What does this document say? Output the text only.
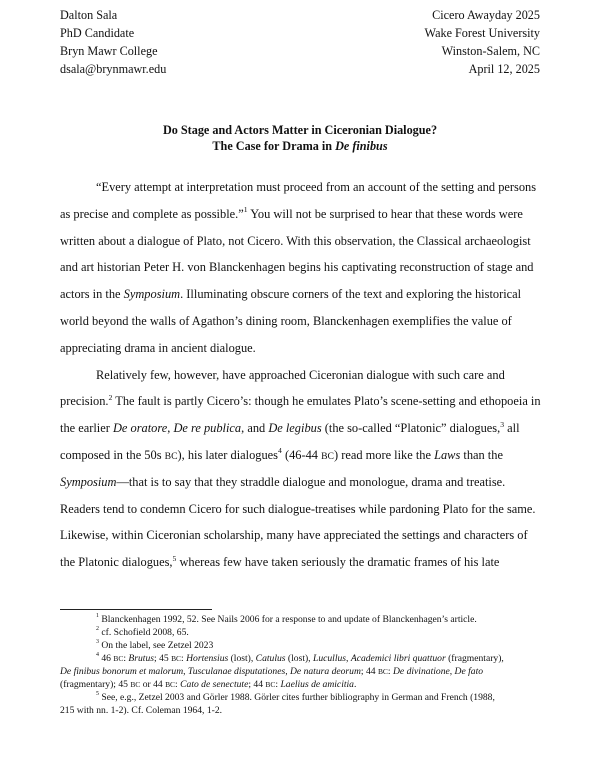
Dalton Sala
PhD Candidate
Bryn Mawr College
dsala@brynmawr.edu
Cicero Awayday 2025
Wake Forest University
Winston-Salem, NC
April 12, 2025
Do Stage and Actors Matter in Ciceronian Dialogue?
The Case for Drama in De finibus
“Every attempt at interpretation must proceed from an account of the setting and persons
as precise and complete as possible.”$^1$ You will not be surprised to hear that these words were
written about a dialogue of Plato, not Cicero. With this observation, the Classical archaeologist
and art historian Peter H. von Blanckenhagen begins his captivating reconstruction of stage and
actors in the Symposium. Illuminating obscure corners of the text and exploring the historical
world beyond the walls of Agathon’s dining room, Blanckenhagen exemplifies the value of
appreciating drama in ancient dialogue.
Relatively few, however, have approached Ciceronian dialogue with such care and
precision.$^2$ The fault is partly Cicero’s: though he emulates Plato’s scene-setting and ethopoeia in
the earlier De oratore, De re publica, and De legibus (the so-called “Platonic” dialogues,$^3$ all
composed in the 50s BC), his later dialogues$^4$ (46-44 BC) read more like the Laws than the
Symposium—that is to say that they straddle dialogue and monologue, drama and treatise.
Readers tend to condemn Cicero for such dialogue-treatises while pardoning Plato for the same.
Likewise, within Ciceronian scholarship, many have appreciated the settings and characters of
the Platonic dialogues,$^5$ whereas few have taken seriously the dramatic frames of his late
$^1$ Blanckenhagen 1992, 52. See Nails 2006 for a response to and update of Blanckenhagen’s article.
$^2$ cf. Schofield 2008, 65.
$^3$ On the label, see Zetzel 2023
$^4$ 46 BC: Brutus; 45 BC: Hortensius (lost), Catulus (lost), Lucullus, Academici libri quattuor (fragmentary),
De finibus bonorum et malorum, Tusculanae disputationes, De natura deorum; 44 BC: De divinatione, De fato
(fragmentary); 45 BC or 44 BC: Cato de senectute; 44 BC: Laelius de amicitia.
$^5$ See, e.g., Zetzel 2003 and Görler 1988. Görler cites further bibliography in German and French (1988,
215 with nn. 1-2). Cf. Coleman 1964, 1-2.
